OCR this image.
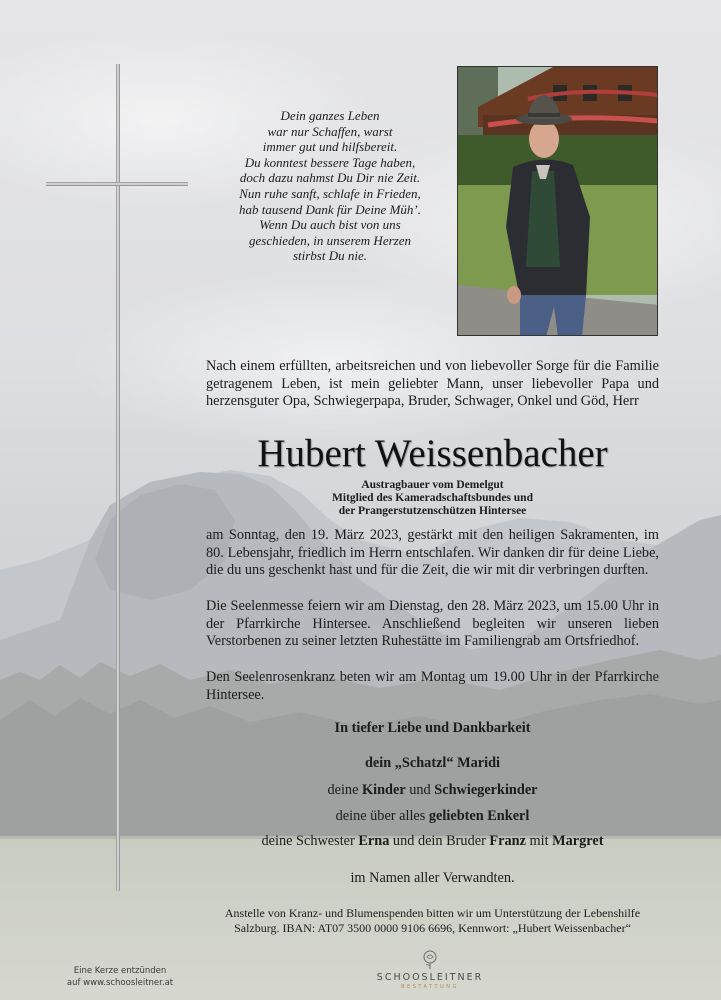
Dein ganzes Leben
war nur Schaffen, warst
immer gut und hilfsbereit.
Du konntest bessere Tage haben,
doch dazu nahmst Du Dir nie Zeit.
Nun ruhe sanft, schlafe in Frieden,
hab tausend Dank für Deine Müh’.
Wenn Du auch bist von uns
geschieden, in unserem Herzen
stirbst Du nie.
Nach einem erfüllten, arbeitsreichen und von liebevoller Sorge für die Familie getragenem Leben, ist mein geliebter Mann, unser liebevoller Papa und herzensguter Opa, Schwiegerpapa, Bruder, Schwager, Onkel und Göd, Herr
Hubert Weissenbacher
Austragbauer vom Demelgut
Mitglied des Kameradschaftsbundes und
der Prangerstutzenschützen Hintersee
am Sonntag, den 19. März 2023, gestärkt mit den heiligen Sakramenten, im 80. Lebensjahr, friedlich im Herrn entschlafen. Wir danken dir für deine Liebe, die du uns geschenkt hast und für die Zeit, die wir mit dir verbringen durften.
Die Seelenmesse feiern wir am Dienstag, den 28. März 2023, um 15.00 Uhr in der Pfarrkirche Hintersee. Anschließend begleiten wir unseren lieben Verstorbenen zu seiner letzten Ruhestätte im Familiengrab am Ortsfriedhof.
Den Seelenrosenkranz beten wir am Montag um 19.00 Uhr in der Pfarrkirche Hintersee.
In tiefer Liebe und Dankbarkeit
dein „Schatzl“ Maridi
deine Kinder und Schwiegerkinder
deine über alles geliebten Enkerl
deine Schwester Erna und dein Bruder Franz mit Margret
im Namen aller Verwandten.
Anstelle von Kranz- und Blumenspenden bitten wir um Unterstützung der Lebenshilfe
Salzburg. IBAN: AT07 3500 0000 9106 6696, Kennwort: „Hubert Weissenbacher“
Eine Kerze entzünden
auf www.schoosleitner.at	SCHOOSLEITNER
BESTATTUNG
